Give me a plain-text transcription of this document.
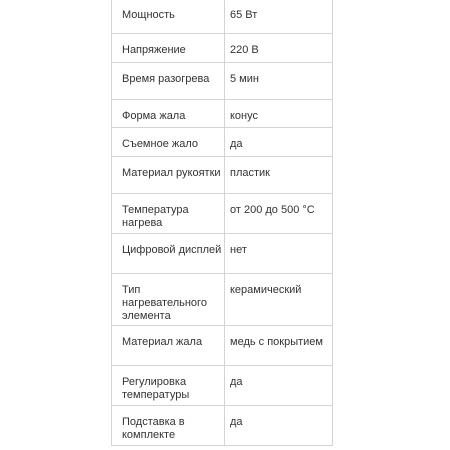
Мощность	65 Вт
Напряжение	220 В
Время разогрева	5 мин
Форма жала	конус
Съемное жало	да
Материал рукоятки	пластик
Температура нагрева	от 200 до 500 °C
Цифровой дисплей	нет
Тип нагревательного элемента	керамический
Материал жала	медь с покрытием
Регулировка температуры	да
Подставка в комплекте	да
